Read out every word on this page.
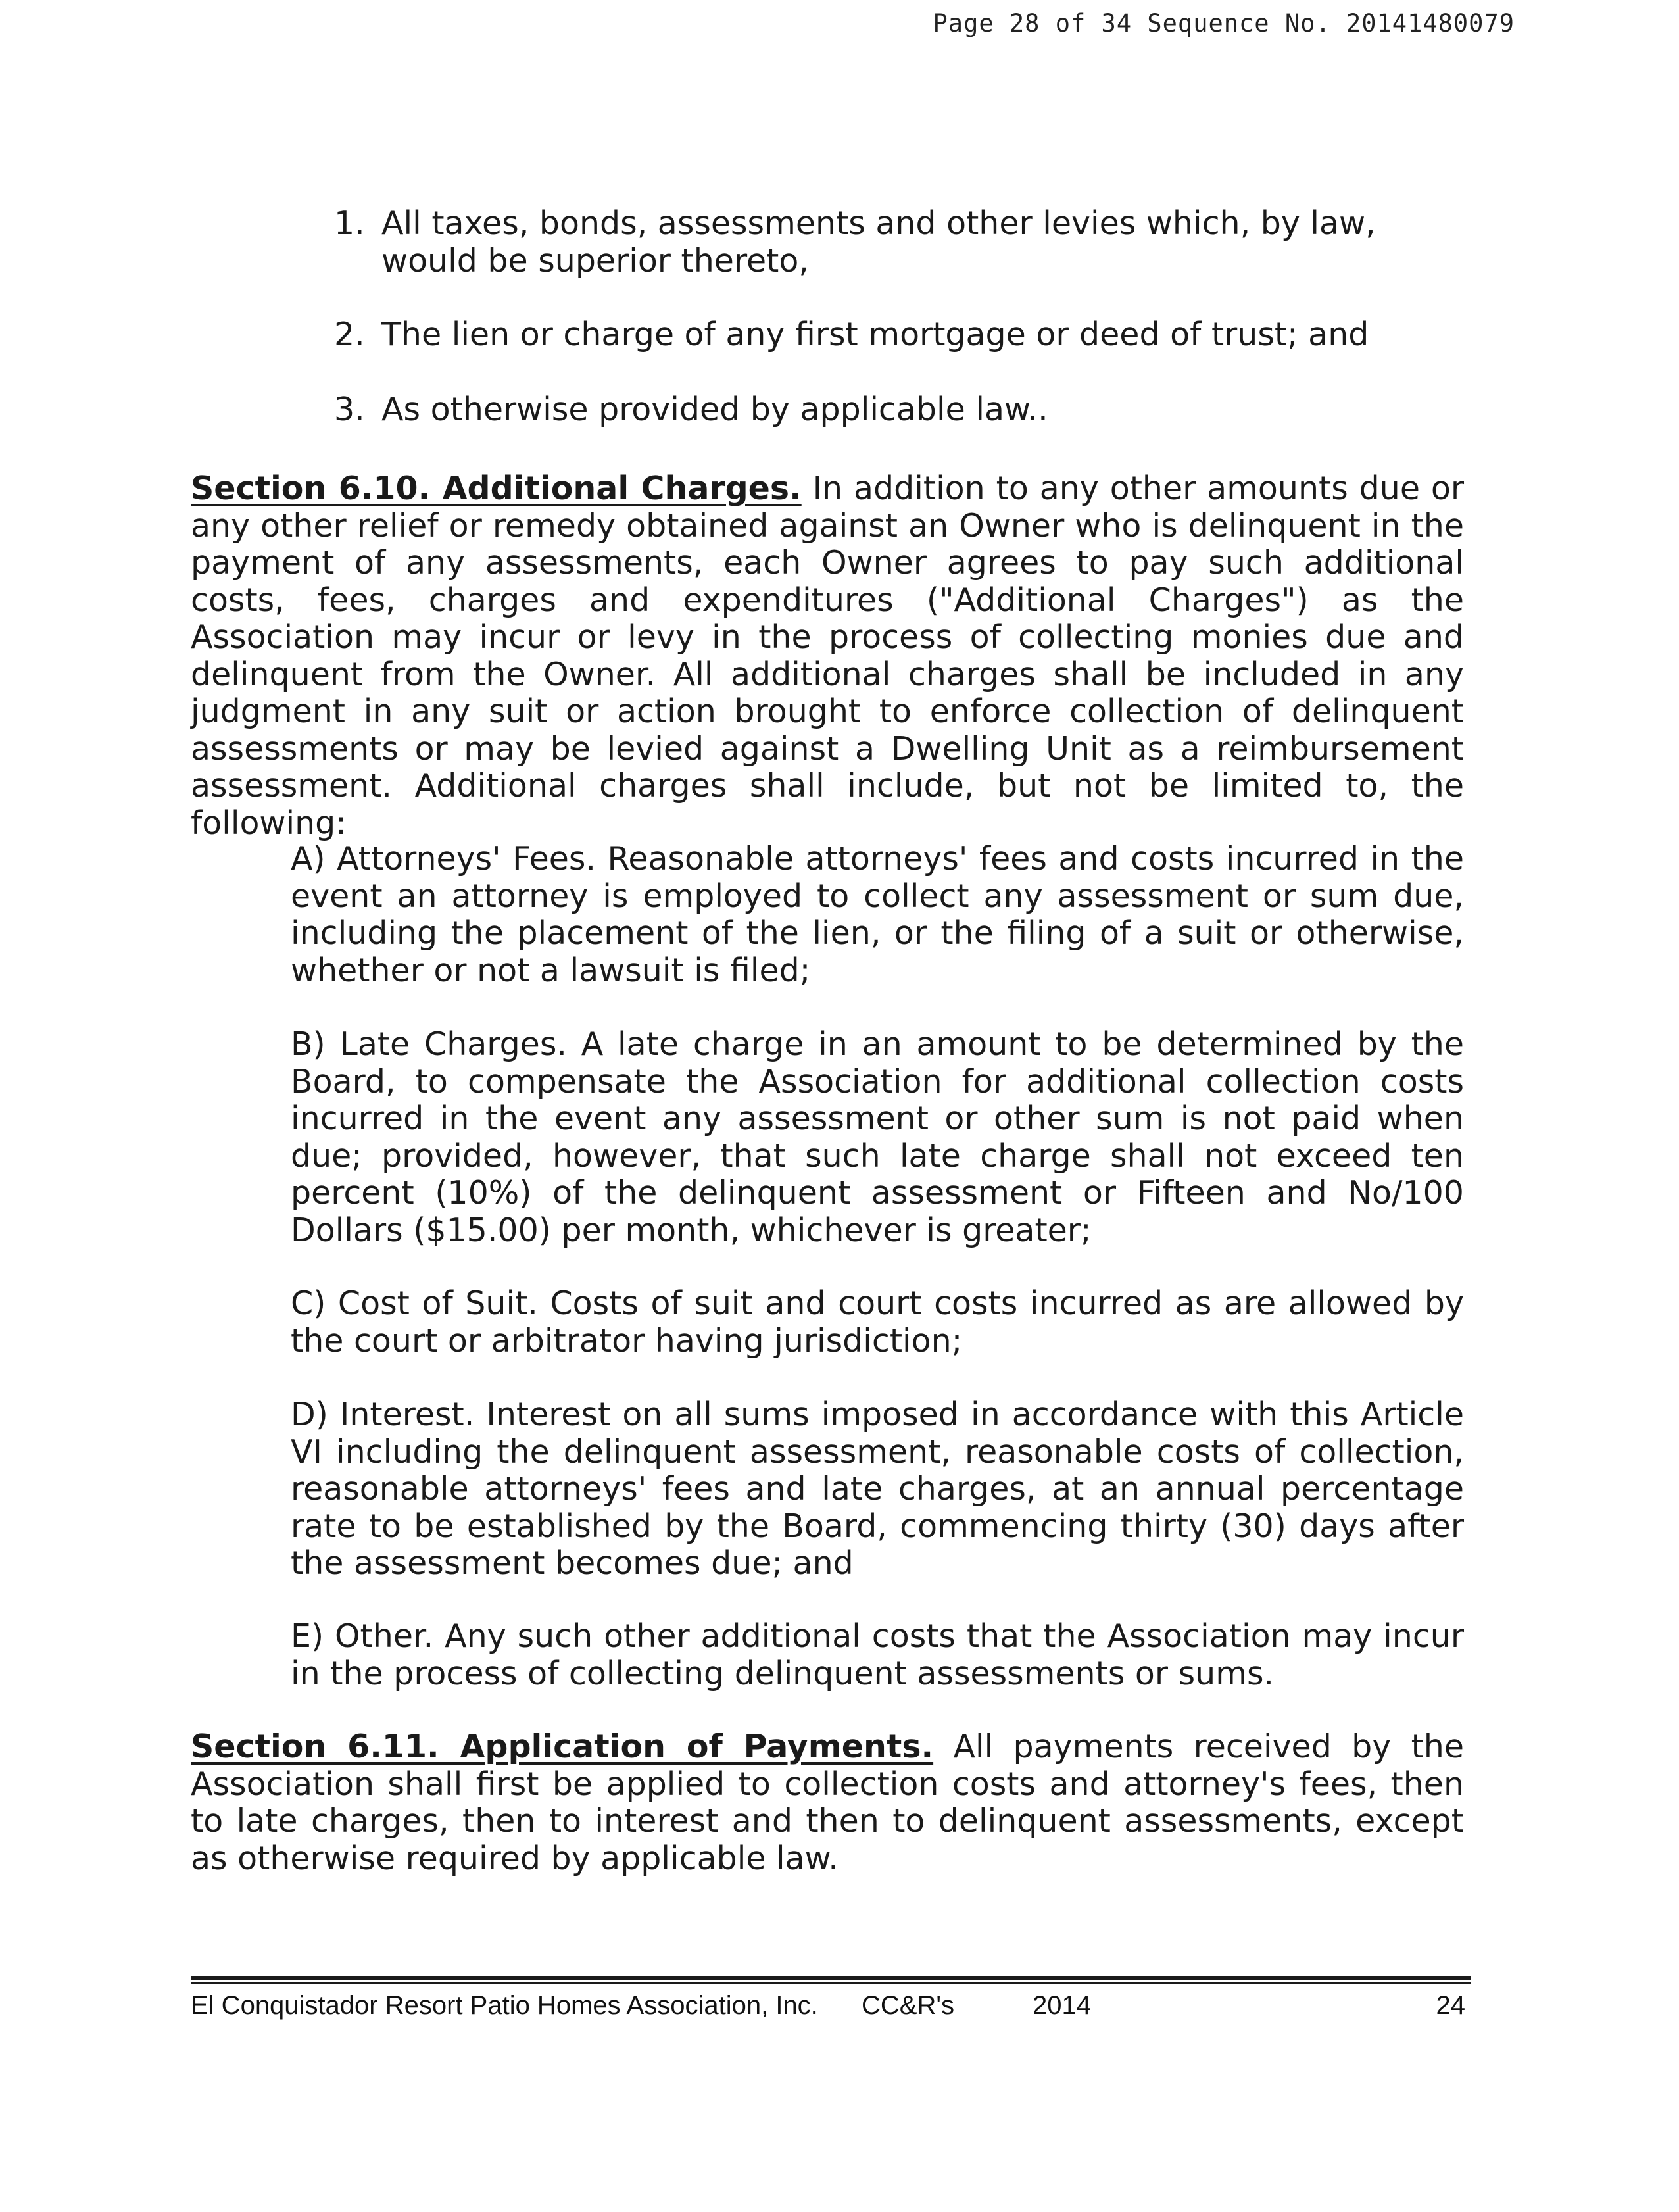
Page 28 of 34 Sequence No. 20141480079
1. All taxes, bonds, assessments and other levies which, by law, would be superior thereto,
2. The lien or charge of any first mortgage or deed of trust; and
3. As otherwise provided by applicable law..
Section 6.10. Additional Charges. In addition to any other amounts due or any other relief or remedy obtained against an Owner who is delinquent in the payment of any assessments, each Owner agrees to pay such additional costs, fees, charges and expenditures ("Additional Charges") as the Association may incur or levy in the process of collecting monies due and delinquent from the Owner. All additional charges shall be included in any judgment in any suit or action brought to enforce collection of delinquent assessments or may be levied against a Dwelling Unit as a reimbursement assessment. Additional charges shall include, but not be limited to, the following:
A) Attorneys' Fees. Reasonable attorneys' fees and costs incurred in the event an attorney is employed to collect any assessment or sum due, including the placement of the lien, or the filing of a suit or otherwise, whether or not a lawsuit is filed;
B) Late Charges. A late charge in an amount to be determined by the Board, to compensate the Association for additional collection costs incurred in the event any assessment or other sum is not paid when due; provided, however, that such late charge shall not exceed ten percent (10%) of the delinquent assessment or Fifteen and No/100 Dollars ($15.00) per month, whichever is greater;
C) Cost of Suit. Costs of suit and court costs incurred as are allowed by the court or arbitrator having jurisdiction;
D) Interest. Interest on all sums imposed in accordance with this Article VI including the delinquent assessment, reasonable costs of collection, reasonable attorneys' fees and late charges, at an annual percentage rate to be established by the Board, commencing thirty (30) days after the assessment becomes due; and
E) Other. Any such other additional costs that the Association may incur in the process of collecting delinquent assessments or sums.
Section 6.11. Application of Payments. All payments received by the Association shall first be applied to collection costs and attorney's fees, then to late charges, then to interest and then to delinquent assessments, except as otherwise required by applicable law.
El Conquistador Resort Patio Homes Association, Inc. CC&R's	2014	24
